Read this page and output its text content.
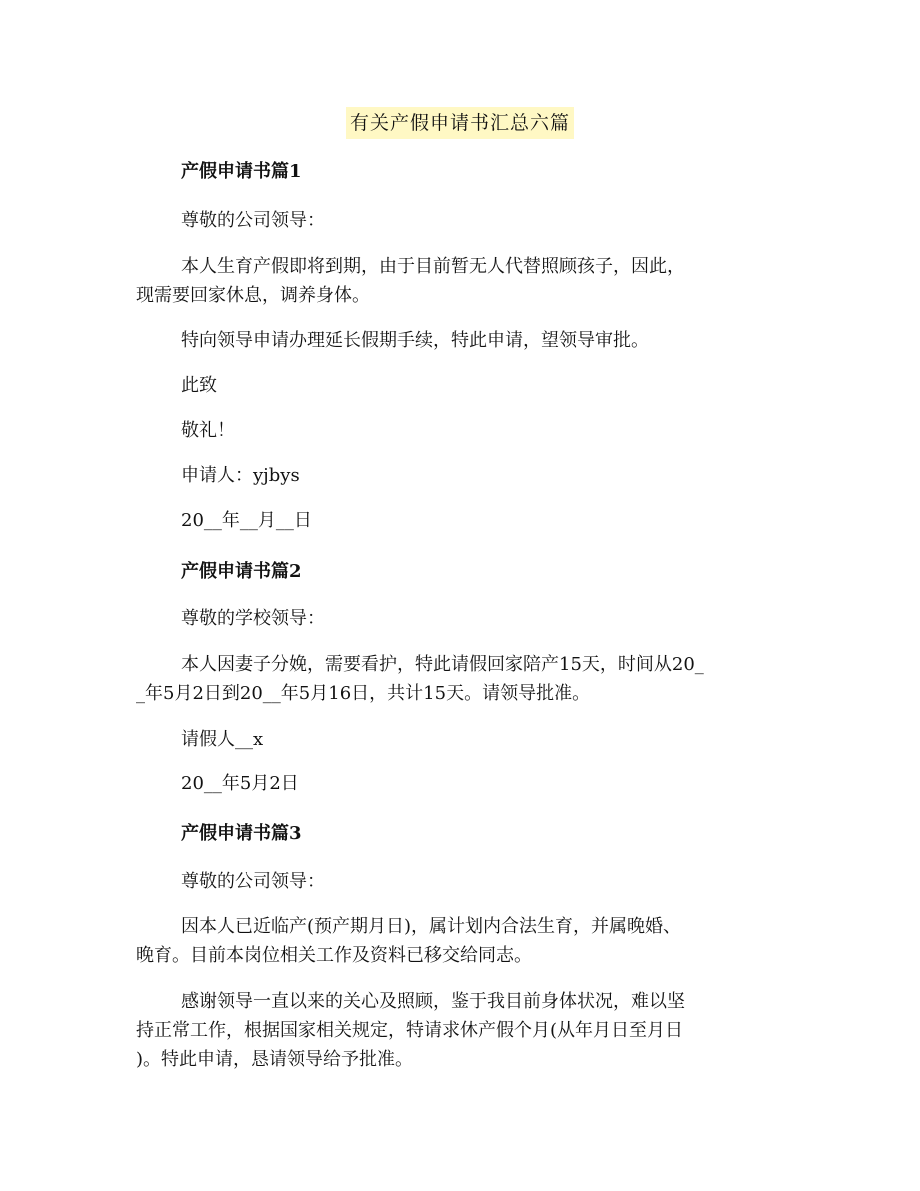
有关产假申请书汇总六篇
产假申请书篇1
尊敬的公司领导：
本人生育产假即将到期，由于目前暂无人代替照顾孩子，因此，
现需要回家休息，调养身体。
特向领导申请办理延长假期手续，特此申请，望领导审批。
此致
敬礼！
申请人：yjbys
20__年__月__日
产假申请书篇2
尊敬的学校领导：
本人因妻子分娩，需要看护，特此请假回家陪产15天，时间从20_
_年5月2日到20__年5月16日，共计15天。请领导批准。
请假人__x
20__年5月2日
产假申请书篇3
尊敬的公司领导：
因本人已近临产(预产期月日)，属计划内合法生育，并属晚婚、
晚育。目前本岗位相关工作及资料已移交给同志。
感谢领导一直以来的关心及照顾，鉴于我目前身体状况，难以坚
持正常工作，根据国家相关规定，特请求休产假个月(从年月日至月日
)。特此申请，恳请领导给予批准。
